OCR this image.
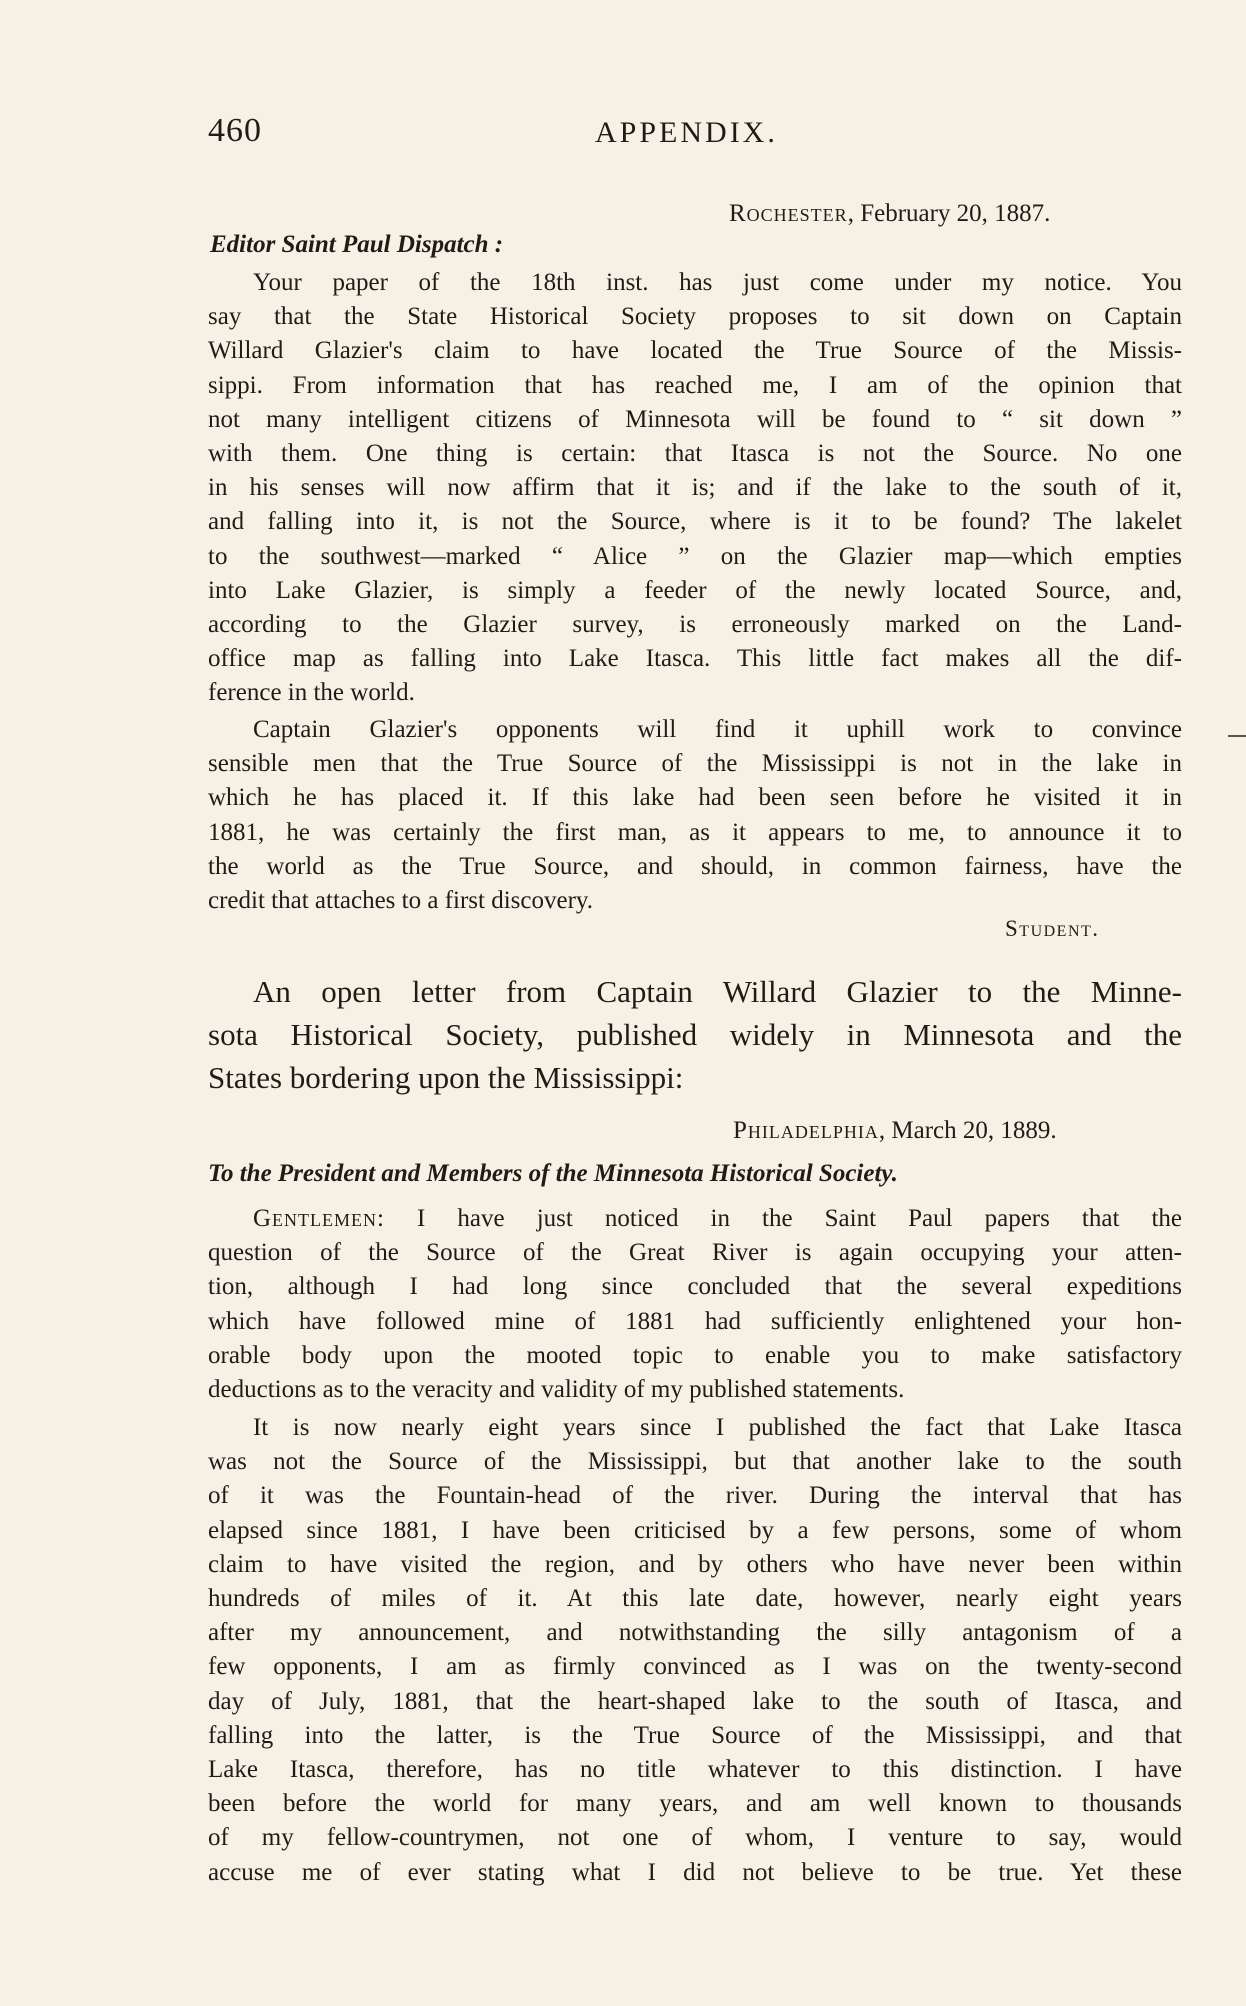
460	APPENDIX.
Rochester, February 20, 1887.
Editor Saint Paul Dispatch :
Your paper of the 18th inst. has just come under my notice. You
say that the State Historical Society proposes to sit down on Captain
Willard Glazier's claim to have located the True Source of the Missis-
sippi. From information that has reached me, I am of the opinion that
not many intelligent citizens of Minnesota will be found to “ sit down ”
with them. One thing is certain: that Itasca is not the Source. No one
in his senses will now affirm that it is; and if the lake to the south of it,
and falling into it, is not the Source, where is it to be found? The lakelet
to the southwest—marked “ Alice ” on the Glazier map—which empties
into Lake Glazier, is simply a feeder of the newly located Source, and,
according to the Glazier survey, is erroneously marked on the Land-
office map as falling into Lake Itasca. This little fact makes all the dif-
ference in the world.
Captain Glazier's opponents will find it uphill work to convince
sensible men that the True Source of the Mississippi is not in the lake in
which he has placed it. If this lake had been seen before he visited it in
1881, he was certainly the first man, as it appears to me, to announce it to
the world as the True Source, and should, in common fairness, have the
credit that attaches to a first discovery.
Student.
An open letter from Captain Willard Glazier to the Minne-
sota Historical Society, published widely in Minnesota and the
States bordering upon the Mississippi:
Philadelphia, March 20, 1889.
To the President and Members of the Minnesota Historical Society.
Gentlemen: I have just noticed in the Saint Paul papers that the
question of the Source of the Great River is again occupying your atten-
tion, although I had long since concluded that the several expeditions
which have followed mine of 1881 had sufficiently enlightened your hon-
orable body upon the mooted topic to enable you to make satisfactory
deductions as to the veracity and validity of my published statements.
It is now nearly eight years since I published the fact that Lake Itasca
was not the Source of the Mississippi, but that another lake to the south
of it was the Fountain-head of the river. During the interval that has
elapsed since 1881, I have been criticised by a few persons, some of whom
claim to have visited the region, and by others who have never been within
hundreds of miles of it. At this late date, however, nearly eight years
after my announcement, and notwithstanding the silly antagonism of a
few opponents, I am as firmly convinced as I was on the twenty-second
day of July, 1881, that the heart-shaped lake to the south of Itasca, and
falling into the latter, is the True Source of the Mississippi, and that
Lake Itasca, therefore, has no title whatever to this distinction. I have
been before the world for many years, and am well known to thousands
of my fellow-countrymen, not one of whom, I venture to say, would
accuse me of ever stating what I did not believe to be true. Yet these
